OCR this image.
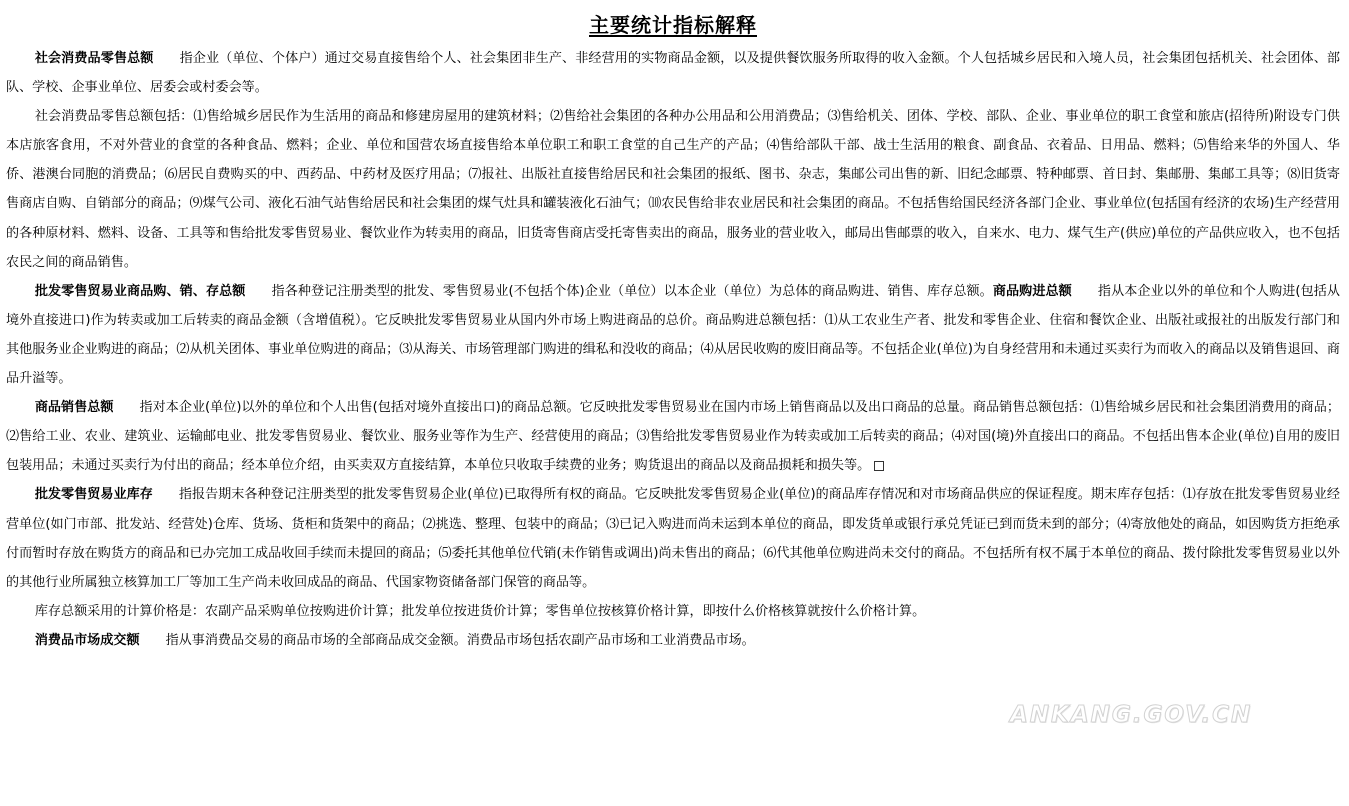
主要统计指标解释

社会消费品零售总额 指企业（单位、个体户）通过交易直接售给个人、社会集团非生产、非经营用的实物商品金额，以及提供餐饮服务所取得的收入金额。个人包括城乡居民和入境人员，社会集团包括机关、社会团体、部队、学校、企事业单位、居委会或村委会等。

社会消费品零售总额包括：⑴售给城乡居民作为生活用的商品和修建房屋用的建筑材料；⑵售给社会集团的各种办公用品和公用消费品；⑶售给机关、团体、学校、部队、企业、事业单位的职工食堂和旅店(招待所)附设专门供本店旅客食用，不对外营业的食堂的各种食品、燃料；企业、单位和国营农场直接售给本单位职工和职工食堂的自己生产的产品；⑷售给部队干部、战士生活用的粮食、副食品、衣着品、日用品、燃料；⑸售给来华的外国人、华侨、港澳台同胞的消费品；⑹居民自费购买的中、西药品、中药材及医疗用品；⑺报社、出版社直接售给居民和社会集团的报纸、图书、杂志，集邮公司出售的新、旧纪念邮票、特种邮票、首日封、集邮册、集邮工具等；⑻旧货寄售商店自购、自销部分的商品；⑼煤气公司、液化石油气站售给居民和社会集团的煤气灶具和罐装液化石油气；⑽农民售给非农业居民和社会集团的商品。不包括售给国民经济各部门企业、事业单位(包括国有经济的农场)生产经营用的各种原材料、燃料、设备、工具等和售给批发零售贸易业、餐饮业作为转卖用的商品，旧货寄售商店受托寄售卖出的商品，服务业的营业收入，邮局出售邮票的收入，自来水、电力、煤气生产(供应)单位的产品供应收入，也不包括农民之间的商品销售。

批发零售贸易业商品购、销、存总额 指各种登记注册类型的批发、零售贸易业(不包括个体)企业（单位）以本企业（单位）为总体的商品购进、销售、库存总额。商品购进总额 指从本企业以外的单位和个人购进(包括从境外直接进口)作为转卖或加工后转卖的商品金额（含增值税）。它反映批发零售贸易业从国内外市场上购进商品的总价。商品购进总额包括：⑴从工农业生产者、批发和零售企业、住宿和餐饮企业、出版社或报社的出版发行部门和其他服务业企业购进的商品；⑵从机关团体、事业单位购进的商品；⑶从海关、市场管理部门购进的缉私和没收的商品；⑷从居民收购的废旧商品等。不包括企业(单位)为自身经营用和未通过买卖行为而收入的商品以及销售退回、商品升溢等。

商品销售总额 指对本企业(单位)以外的单位和个人出售(包括对境外直接出口)的商品总额。它反映批发零售贸易业在国内市场上销售商品以及出口商品的总量。商品销售总额包括：⑴售给城乡居民和社会集团消费用的商品；⑵售给工业、农业、建筑业、运输邮电业、批发零售贸易业、餐饮业、服务业等作为生产、经营使用的商品；⑶售给批发零售贸易业作为转卖或加工后转卖的商品；⑷对国(境)外直接出口的商品。不包括出售本企业(单位)自用的废旧包装用品；未通过买卖行为付出的商品；经本单位介绍，由买卖双方直接结算，本单位只收取手续费的业务；购货退出的商品以及商品损耗和损失等。

批发零售贸易业库存 指报告期末各种登记注册类型的批发零售贸易企业(单位)已取得所有权的商品。它反映批发零售贸易企业(单位)的商品库存情况和对市场商品供应的保证程度。期末库存包括：⑴存放在批发零售贸易业经营单位(如门市部、批发站、经营处)仓库、货场、货柜和货架中的商品；⑵挑选、整理、包装中的商品；⑶已记入购进而尚未运到本单位的商品，即发货单或银行承兑凭证已到而货未到的部分；⑷寄放他处的商品，如因购货方拒绝承付而暂时存放在购货方的商品和已办完加工成品收回手续而未提回的商品；⑸委托其他单位代销(未作销售或调出)尚未售出的商品；⑹代其他单位购进尚未交付的商品。不包括所有权不属于本单位的商品、拨付除批发零售贸易业以外的其他行业所属独立核算加工厂等加工生产尚未收回成品的商品、代国家物资储备部门保管的商品等。

库存总额采用的计算价格是：农副产品采购单位按购进价计算；批发单位按进货价计算；零售单位按核算价格计算，即按什么价格核算就按什么价格计算。

消费品市场成交额 指从事消费品交易的商品市场的全部商品成交金额。消费品市场包括农副产品市场和工业消费品市场。

ANKANG.GOV.CN
